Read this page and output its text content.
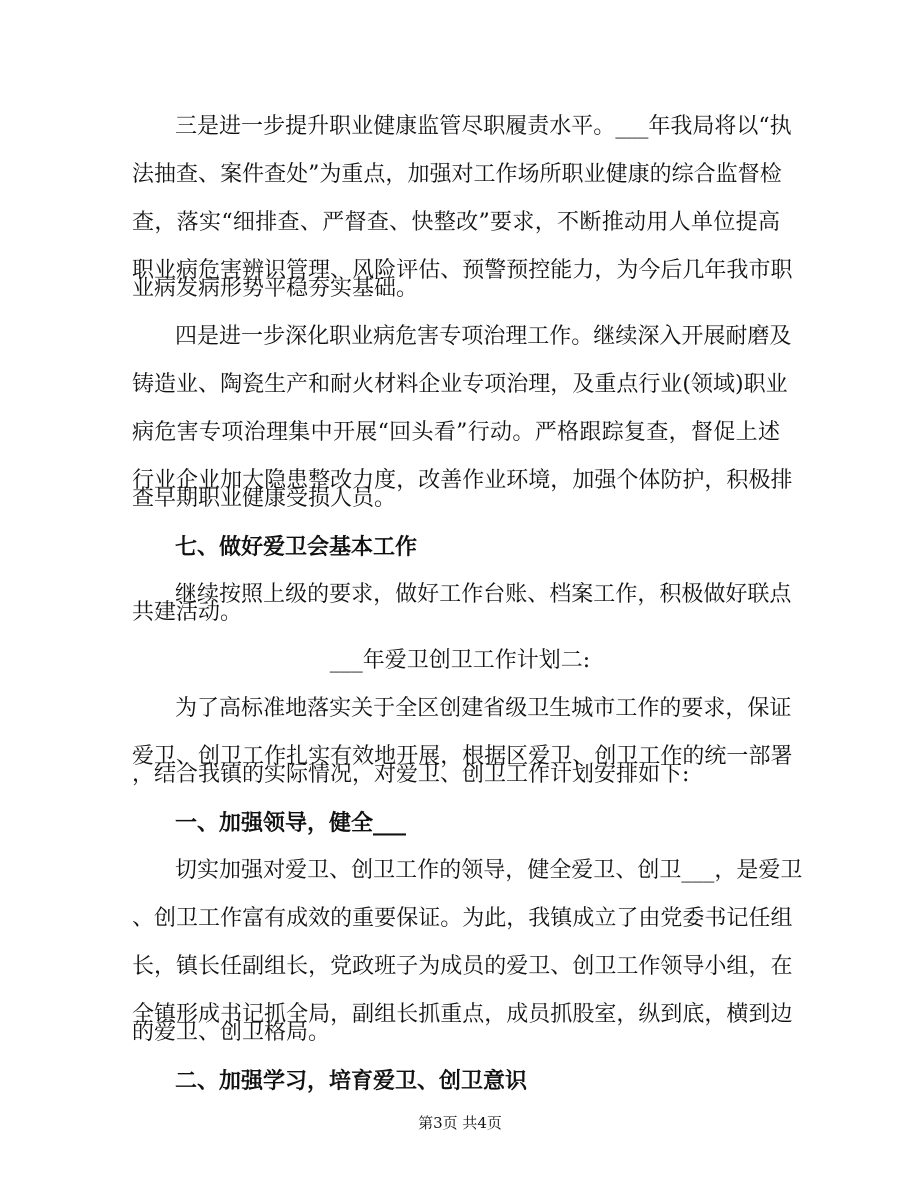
三 是 进 一 步 提 升 职 业 健 康 监 管 尽 职 履 责 水 平 。 _ _ _ 年 我 局 将 以 “ 执
法 抽 查 、 案 件 查 处 ” 为 重 点 ， 加 强 对 工 作 场 所 职 业 健 康 的 综 合 监 督 检
查 ， 落 实 “ 细 排 查 、 严 督 查 、 快 整 改 ” 要 求 ， 不 断 推 动 用 人 单 位 提 高
职 业 病 危 害 辨 识 管 理 、 风 险 评 估 、 预 警 预 控 能 力 ， 为 今 后 几 年 我 市 职
业病发病形势平稳夯实基础。
四 是 进 一 步 深 化 职 业 病 危 害 专 项 治 理 工 作 。 继 续 深 入 开 展 耐 磨 及
铸 造 业 、 陶 瓷 生 产 和 耐 火 材 料 企 业 专 项 治 理 ， 及 重 点 行 业 ( 领 域 ) 职 业
病 危 害 专 项 治 理 集 中 开 展 “ 回 头 看 ” 行 动 。 严 格 跟 踪 复 查 ， 督 促 上 述
行 业 企 业 加 大 隐 患 整 改 力 度 ， 改 善 作 业 环 境 ， 加 强 个 体 防 护 ， 积 极 排
查早期职业健康受损人员。
七、做好爱卫会基本工作
继 续 按 照 上 级 的 要 求 ， 做 好 工 作 台 账 、 档 案 工 作 ， 积 极 做 好 联 点
共建活动。
___年爱卫创卫工作计划二:
为 了 高 标 准 地 落 实 关 于 全 区 创 建 省 级 卫 生 城 市 工 作 的 要 求 ， 保 证
爱 卫 、 创 卫 工 作 扎 实 有 效 地 开 展 ， 根 据 区 爱 卫 、 创 卫 工 作 的 统 一 部 署
，结合我镇的实际情况，对爱卫、创卫工作计划安排如下:
一、加强领导，健全___
切 实 加 强 对 爱 卫 、 创 卫 工 作 的 领 导 ， 健 全 爱 卫 、 创 卫 _ _ _ ， 是 爱 卫
、 创 卫 工 作 富 有 成 效 的 重 要 保 证 。 为 此 ， 我 镇 成 立 了 由 党 委 书 记 任 组
长 ， 镇 长 任 副 组 长 ， 党 政 班 子 为 成 员 的 爱 卫 、 创 卫 工 作 领 导 小 组 ， 在
全 镇 形 成 书 记 抓 全 局 ， 副 组 长 抓 重 点 ， 成 员 抓 股 室 ， 纵 到 底 ， 横 到 边
的爱卫、创卫格局。
二、加强学习，培育爱卫、创卫意识
第3页 共4页
